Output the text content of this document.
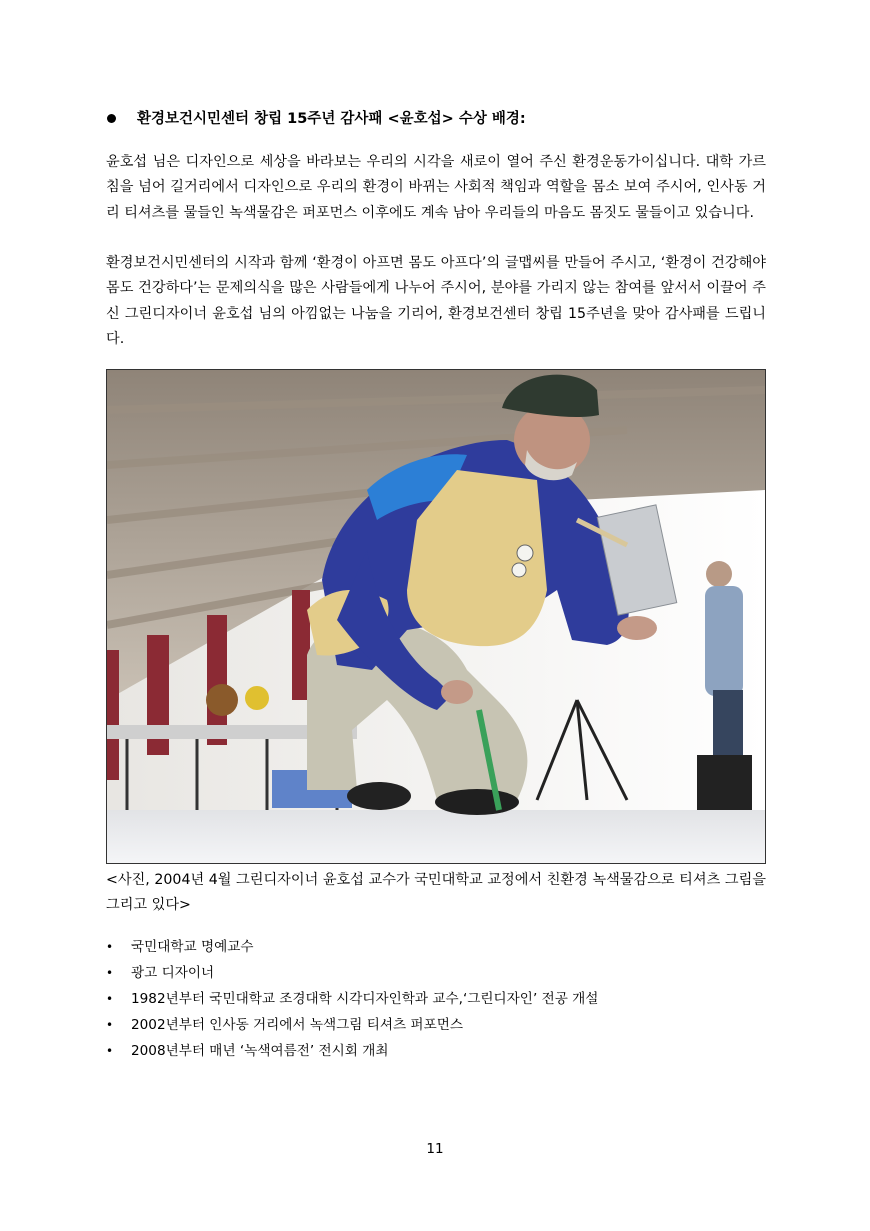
환경보건시민센터 창립 15주년 감사패 <윤호섭> 수상 배경:

윤호섭 님은 디자인으로 세상을 바라보는 우리의 시각을 새로이 열어 주신 환경운동가이십니다. 대학 가르침을 넘어 길거리에서 디자인으로 우리의 환경이 바뀌는 사회적 책임과 역할을 몸소 보여 주시어, 인사동 거리 티셔츠를 물들인 녹색물감은 퍼포먼스 이후에도 계속 남아 우리들의 마음도 몸짓도 물들이고 있습니다.

환경보건시민센터의 시작과 함께 ‘환경이 아프면 몸도 아프다’의 글맵씨를 만들어 주시고, ‘환경이 건강해야 몸도 건강하다’는 문제의식을 많은 사람들에게 나누어 주시어, 분야를 가리지 않는 참여를 앞서서 이끌어 주신 그린디자이너 윤호섭 님의 아낌없는 나눔을 기리어, 환경보건센터 창립 15주년을 맞아 감사패를 드립니다.

<사진, 2004년 4월 그린디자이너 윤호섭 교수가 국민대학교 교정에서 친환경 녹색물감으로 티셔츠 그림을 그리고 있다>

• 국민대학교 명예교수
• 광고 디자이너
• 1982년부터 국민대학교 조경대학 시각디자인학과 교수,‘그린디자인’ 전공 개설
• 2002년부터 인사동 거리에서 녹색그림 티셔츠 퍼포먼스
• 2008년부터 매년 ‘녹색여름전’ 전시회 개최
11
